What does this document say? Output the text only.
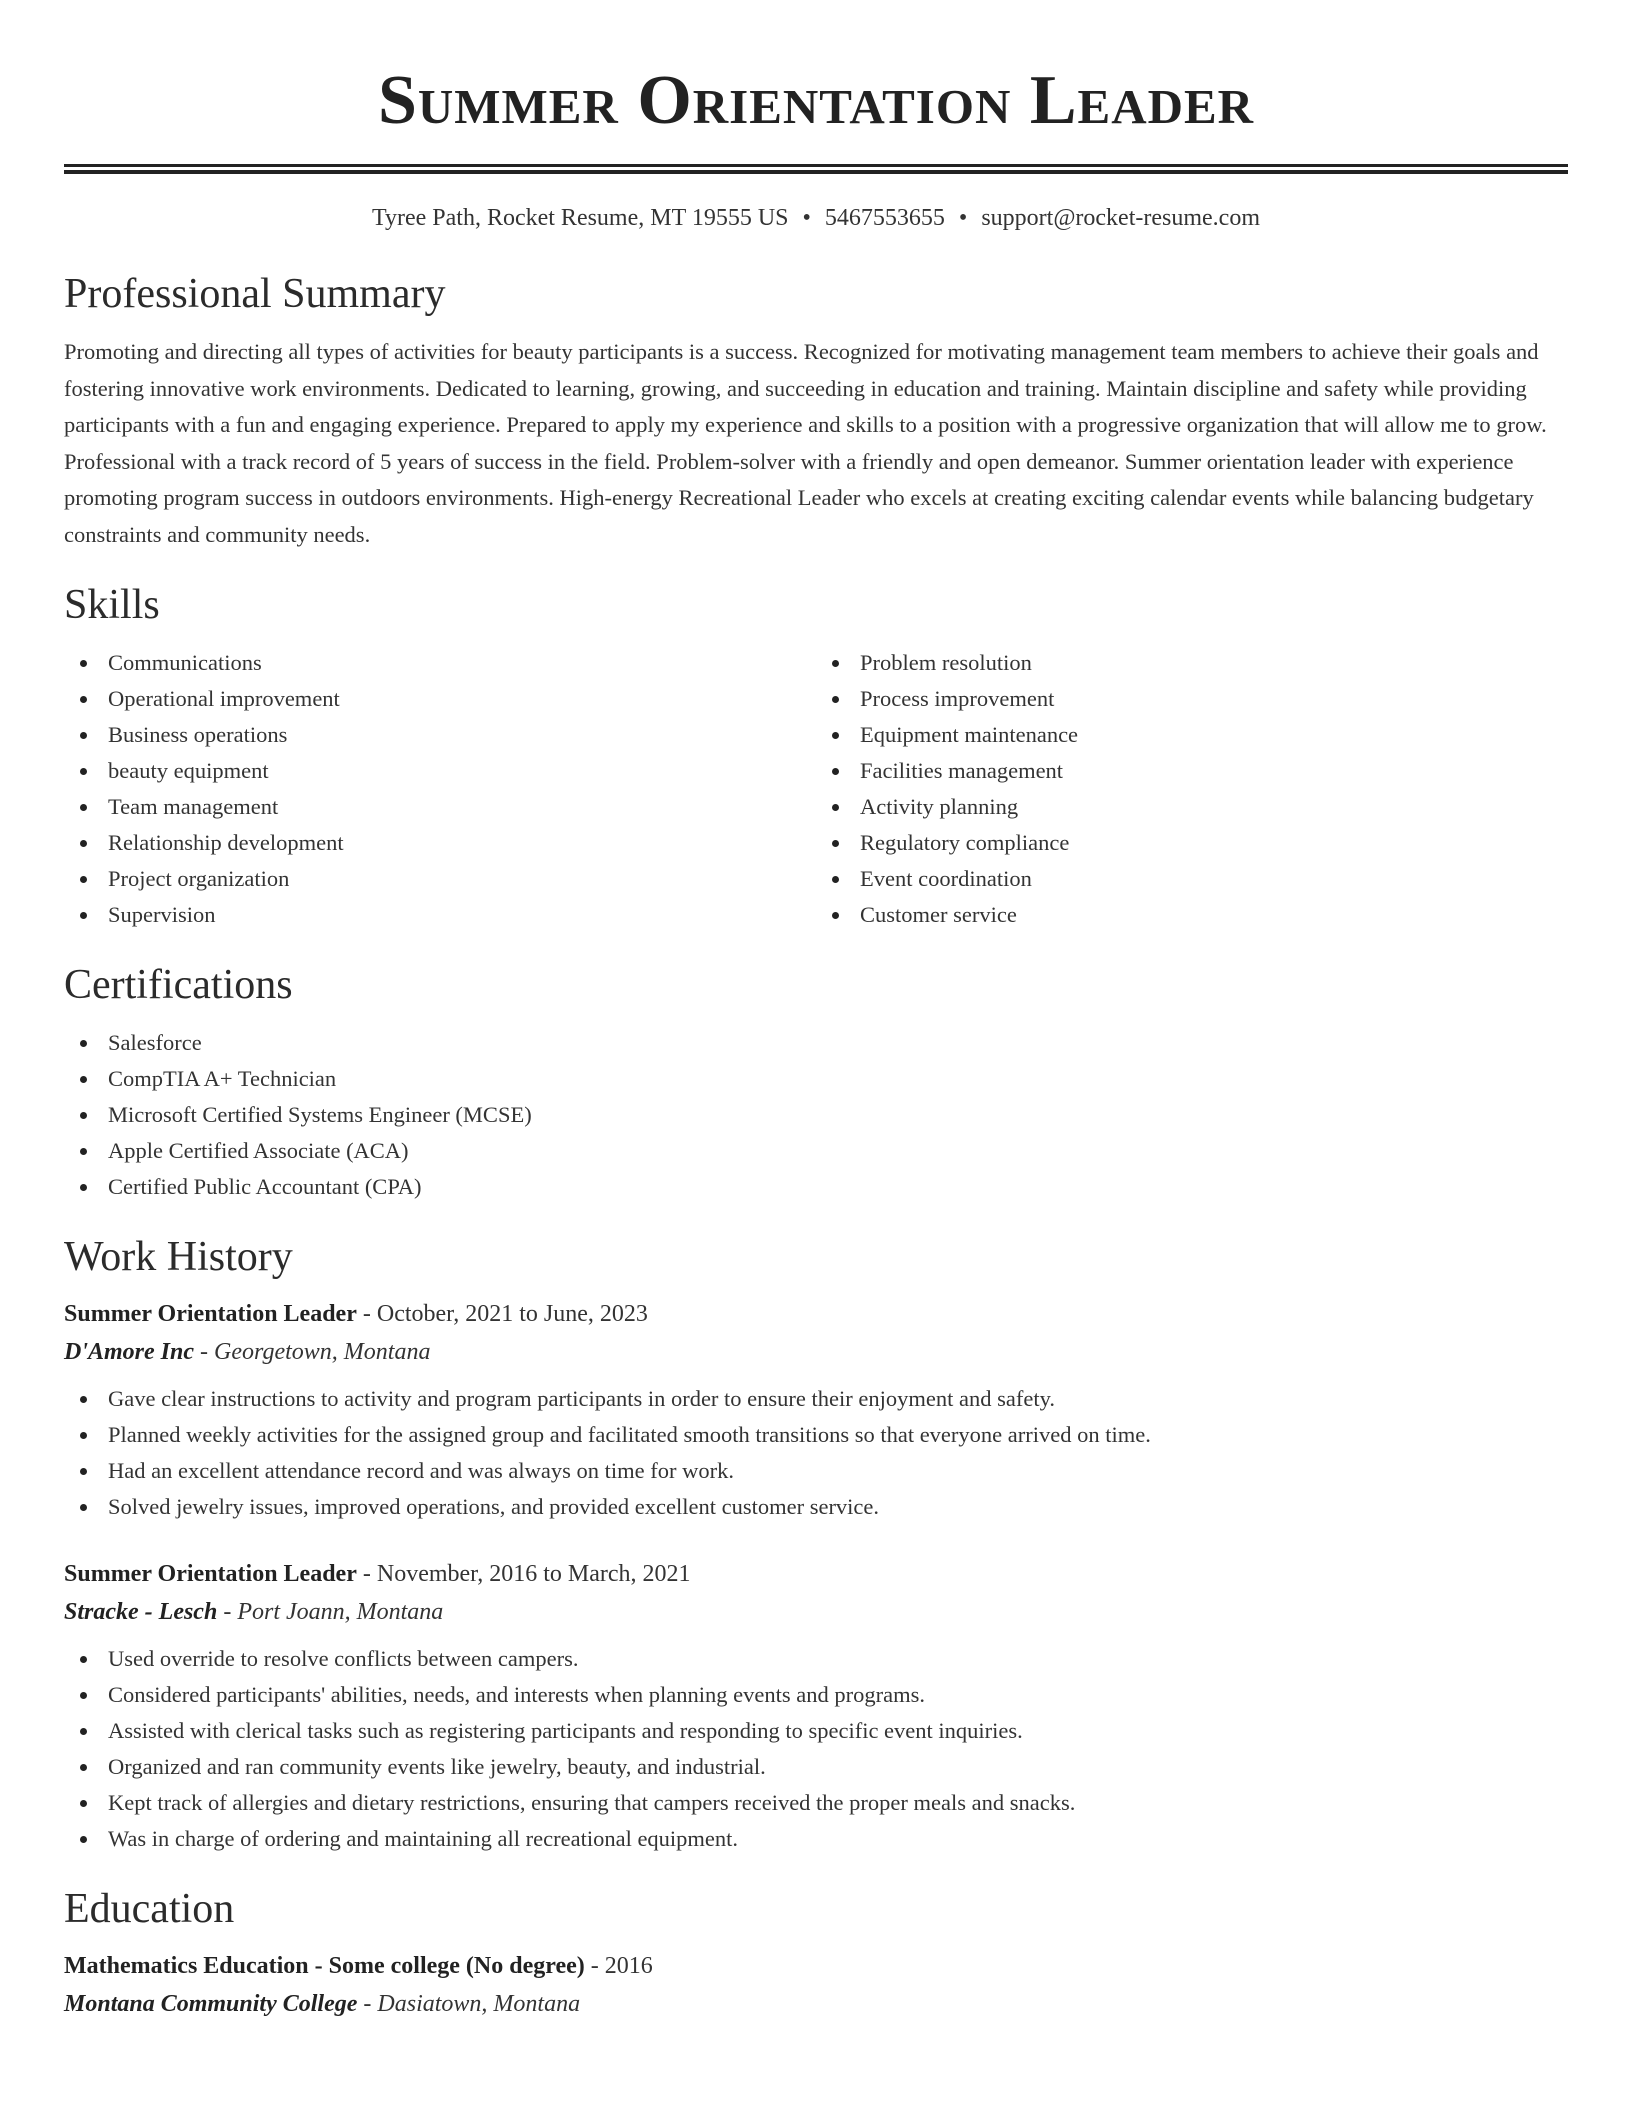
Summer Orientation Leader
Tyree Path, Rocket Resume, MT 19555 US • 5467553655 • support@rocket-resume.com
Professional Summary

Promoting and directing all types of activities for beauty participants is a success. Recognized for motivating management team members to achieve their goals and fostering innovative work environments. Dedicated to learning, growing, and succeeding in education and training. Maintain discipline and safety while providing participants with a fun and engaging experience. Prepared to apply my experience and skills to a position with a progressive organization that will allow me to grow. Professional with a track record of 5 years of success in the field. Problem-solver with a friendly and open demeanor. Summer orientation leader with experience promoting program success in outdoors environments. High-energy Recreational Leader who excels at creating exciting calendar events while balancing budgetary constraints and community needs.

Skills
Communications
Operational improvement
Business operations
beauty equipment
Team management
Relationship development
Project organization
Supervision
Problem resolution
Process improvement
Equipment maintenance
Facilities management
Activity planning
Regulatory compliance
Event coordination
Customer service
Certifications
Salesforce
CompTIA A+ Technician
Microsoft Certified Systems Engineer (MCSE)
Apple Certified Associate (ACA)
Certified Public Accountant (CPA)
Work History
Summer Orientation Leader - October, 2021 to June, 2023
D'Amore Inc - Georgetown, Montana
Gave clear instructions to activity and program participants in order to ensure their enjoyment and safety.
Planned weekly activities for the assigned group and facilitated smooth transitions so that everyone arrived on time.
Had an excellent attendance record and was always on time for work.
Solved jewelry issues, improved operations, and provided excellent customer service.
Summer Orientation Leader - November, 2016 to March, 2021
Stracke - Lesch - Port Joann, Montana
Used override to resolve conflicts between campers.
Considered participants' abilities, needs, and interests when planning events and programs.
Assisted with clerical tasks such as registering participants and responding to specific event inquiries.
Organized and ran community events like jewelry, beauty, and industrial.
Kept track of allergies and dietary restrictions, ensuring that campers received the proper meals and snacks.
Was in charge of ordering and maintaining all recreational equipment.
Education
Mathematics Education - Some college (No degree) - 2016
Montana Community College - Dasiatown, Montana
